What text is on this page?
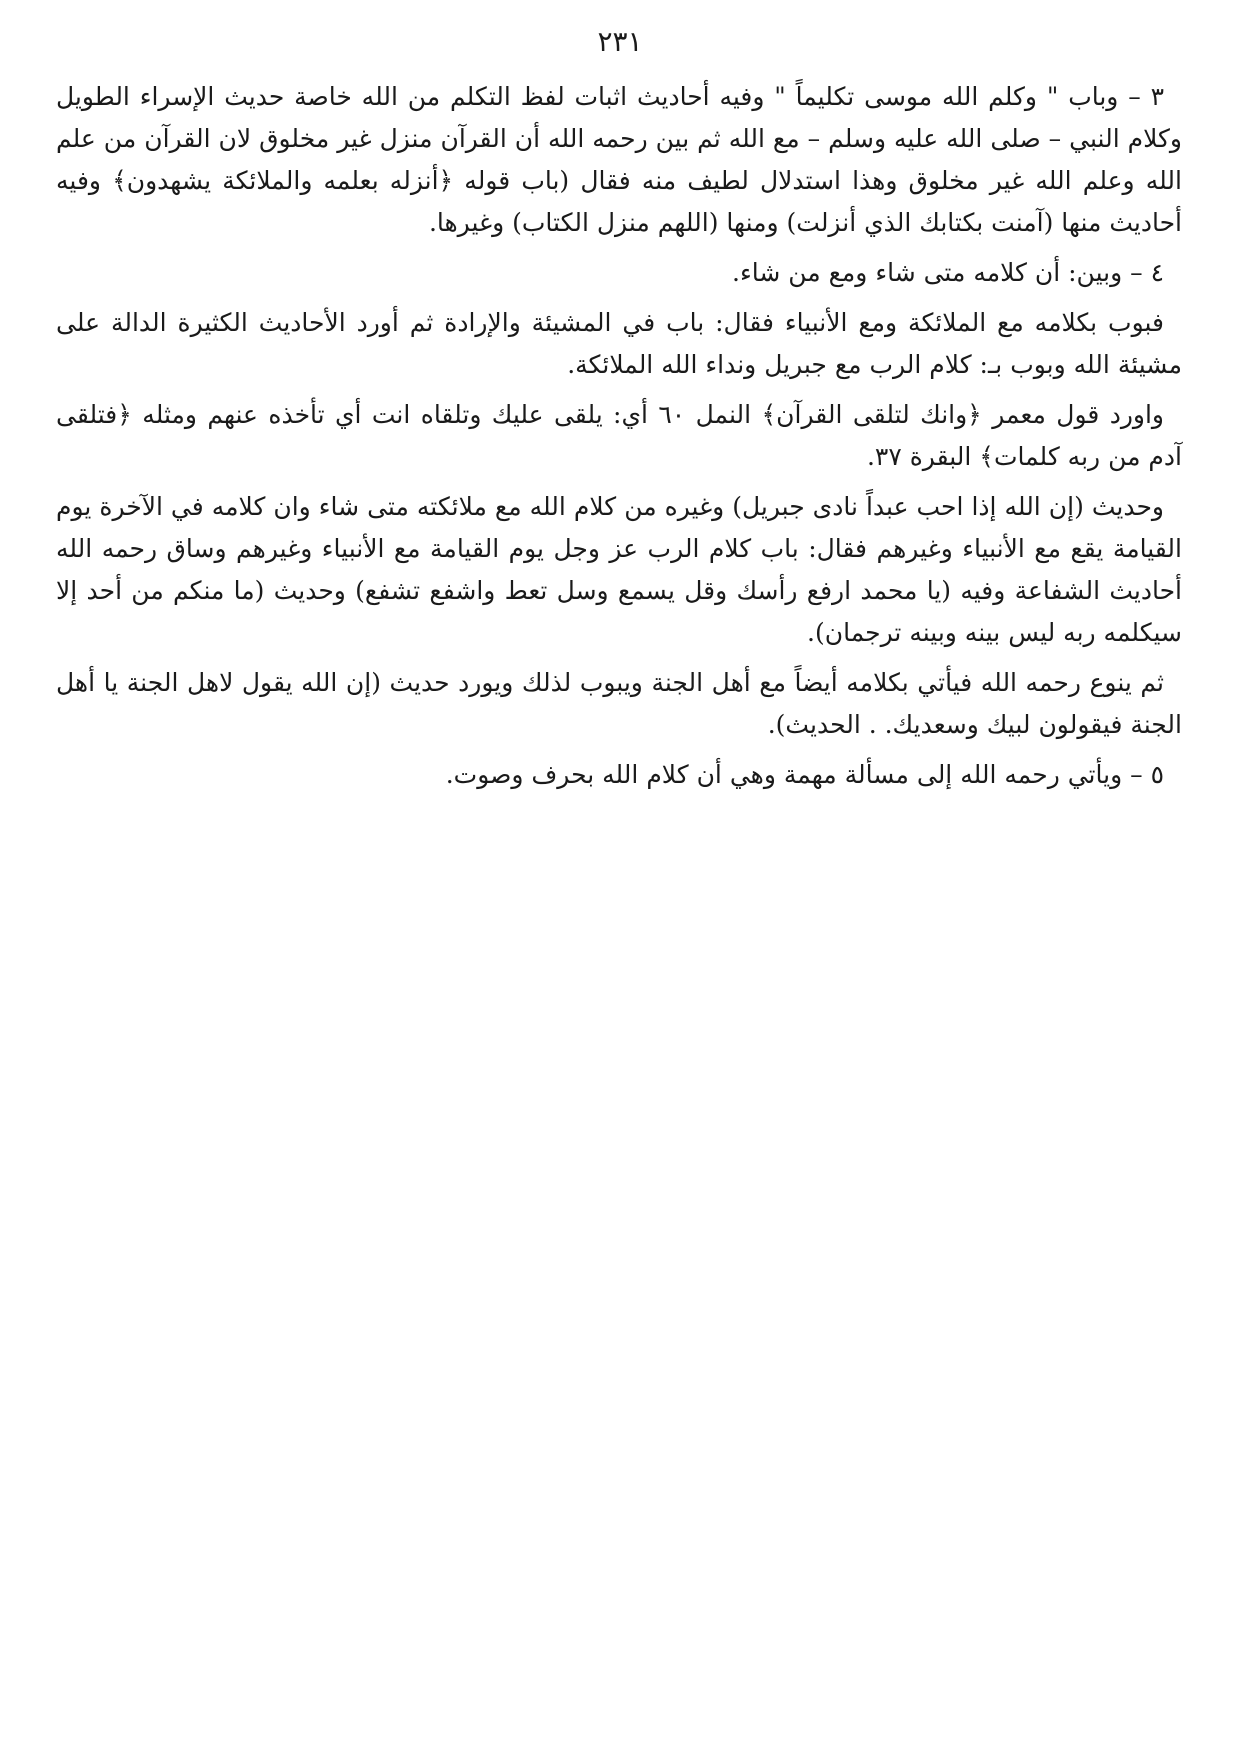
٢٣١

٣ – وباب " وكلم الله موسى تكليماً " وفيه أحاديث اثبات لفظ التكلم من الله خاصة حديث الإسراء الطويل وكلام النبي – صلى الله عليه وسلم – مع الله ثم بين رحمه الله أن القرآن منزل غير مخلوق لان القرآن من علم الله وعلم الله غير مخلوق وهذا استدلال لطيف منه فقال (باب قوله ﴿أنزله بعلمه والملائكة يشهدون﴾ وفيه أحاديث منها (آمنت بكتابك الذي أنزلت) ومنها (اللهم منزل الكتاب) وغيرها.

٤ – وبين: أن كلامه متى شاء ومع من شاء.

فبوب بكلامه مع الملائكة ومع الأنبياء فقال: باب في المشيئة والإرادة ثم أورد الأحاديث الكثيرة الدالة على مشيئة الله وبوب بـ: كلام الرب مع جبريل ونداء الله الملائكة.

واورد قول معمر ﴿وانك لتلقى القرآن﴾ النمل ٦٠ أي: يلقى عليك وتلقاه انت أي تأخذه عنهم ومثله ﴿فتلقى آدم من ربه كلمات﴾ البقرة ٣٧.

وحديث (إن الله إذا احب عبداً نادى جبريل) وغيره من كلام الله مع ملائكته متى شاء وان كلامه في الآخرة يوم القيامة يقع مع الأنبياء وغيرهم فقال: باب كلام الرب عز وجل يوم القيامة مع الأنبياء وغيرهم وساق رحمه الله أحاديث الشفاعة وفيه (يا محمد ارفع رأسك وقل يسمع وسل تعط واشفع تشفع) وحديث (ما منكم من أحد إلا سيكلمه ربه ليس بينه وبينه ترجمان).

ثم ينوع رحمه الله فيأتي بكلامه أيضاً مع أهل الجنة ويبوب لذلك ويورد حديث (إن الله يقول لاهل الجنة يا أهل الجنة فيقولون لبيك وسعديك. . الحديث).

٥ – ويأتي رحمه الله إلى مسألة مهمة وهي أن كلام الله بحرف وصوت.
